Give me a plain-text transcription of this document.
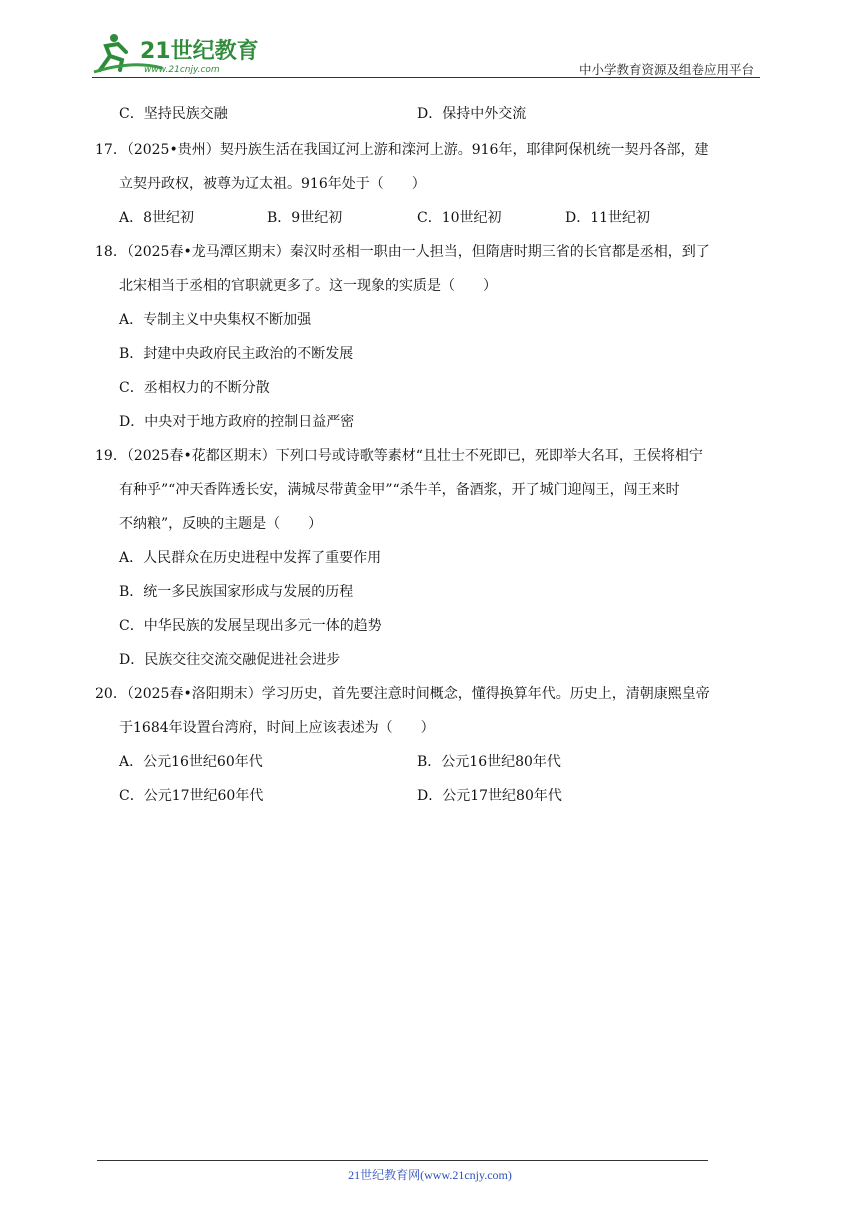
21世纪教育
www.21cnjy.com	中小学教育资源及组卷应用平台
C．坚持民族交融	D．保持中外交流
17．（2025•贵州）契丹族生活在我国辽河上游和滦河上游。916年，耶律阿保机统一契丹各部，建
立契丹政权，被尊为辽太祖。916年处于（　　）
A．8世纪初	B．9世纪初	C．10世纪初	D．11世纪初
18．（2025春•龙马潭区期末）秦汉时丞相一职由一人担当，但隋唐时期三省的长官都是丞相，到了
北宋相当于丞相的官职就更多了。这一现象的实质是（　　）
A．专制主义中央集权不断加强
B．封建中央政府民主政治的不断发展
C．丞相权力的不断分散
D．中央对于地方政府的控制日益严密
19．（2025春•花都区期末）下列口号或诗歌等素材“且壮士不死即已，死即举大名耳，王侯将相宁
有种乎”“冲天香阵透长安，满城尽带黄金甲”“杀牛羊，备酒浆，开了城门迎闯王，闯王来时
不纳粮”，反映的主题是（　　）
A．人民群众在历史进程中发挥了重要作用
B．统一多民族国家形成与发展的历程
C．中华民族的发展呈现出多元一体的趋势
D．民族交往交流交融促进社会进步
20．（2025春•洛阳期末）学习历史，首先要注意时间概念，懂得换算年代。历史上，清朝康熙皇帝
于1684年设置台湾府，时间上应该表述为（　　）
A．公元16世纪60年代	B．公元16世纪80年代
C．公元17世纪60年代	D．公元17世纪80年代
21世纪教育网(www.21cnjy.com)
